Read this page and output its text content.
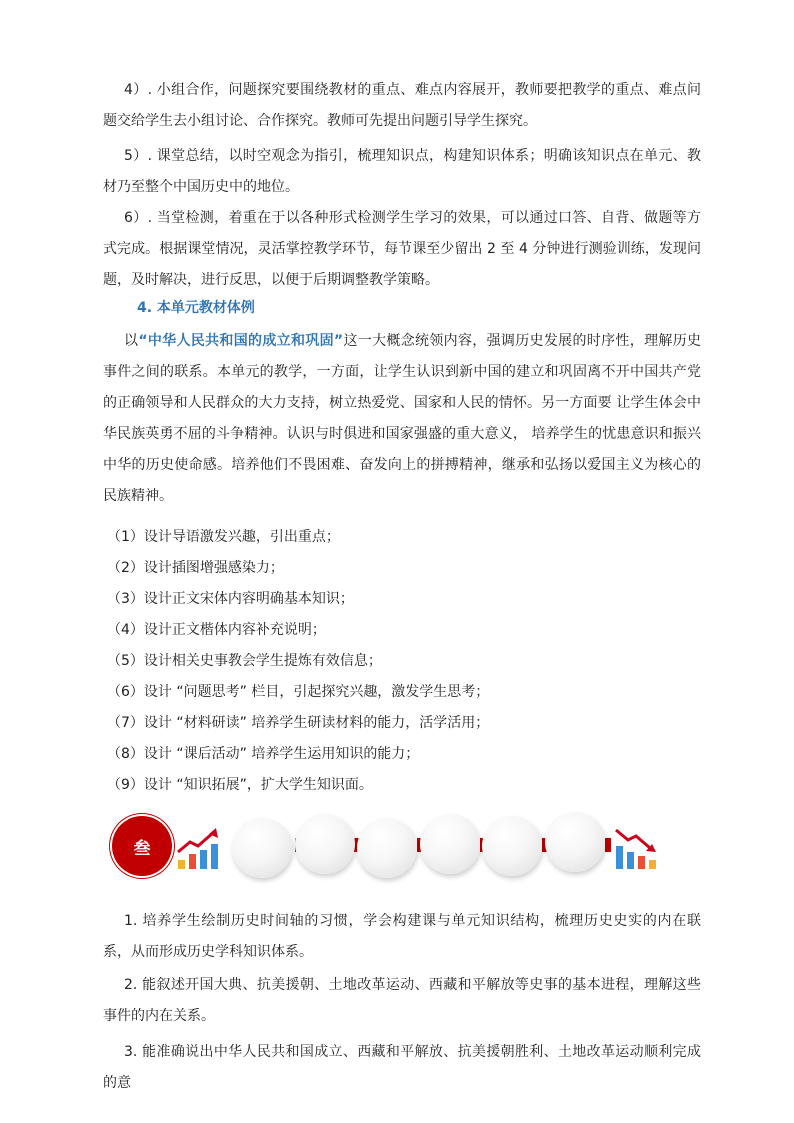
4）. 小组合作，问题探究要围绕教材的重点、难点内容展开，教师要把教学的重点、难点问题交给学生去小组讨论、合作探究。教师可先提出问题引导学生探究。

5）. 课堂总结，以时空观念为指引，梳理知识点，构建知识体系；明确该知识点在单元、教材乃至整个中国历史中的地位。

6）. 当堂检测，着重在于以各种形式检测学生学习的效果，可以通过口答、自背、做题等方式完成。根据课堂情况，灵活掌控教学环节，每节课至少留出 2 至 4 分钟进行测验训练，发现问题，及时解决，进行反思，以便于后期调整教学策略。

4. 本单元教材体例

以“中华人民共和国的成立和巩固”这一大概念统领内容，强调历史发展的时序性，理解历史事件之间的联系。本单元的教学，一方面，让学生认识到新中国的建立和巩固离不开中国共产党的正确领导和人民群众的大力支持，树立热爱党、国家和人民的情怀。另一方面要 让学生体会中华民族英勇不屈的斗争精神。认识与时俱进和国家强盛的重大意义， 培养学生的忧患意识和振兴中华的历史使命感。培养他们不畏困难、奋发向上的拼搏精神，继承和弘扬以爱国主义为核心的民族精神。

（1）设计导语激发兴趣，引出重点；
（2）设计插图增强感染力；
（3）设计正文宋体内容明确基本知识；
（4）设计正文楷体内容补充说明；
（5）设计相关史事教会学生提炼有效信息；
（6）设计 “问题思考” 栏目，引起探究兴趣，激发学生思考；
（7）设计 “材料研读” 培养学生研读材料的能力，活学活用；
（8）设计 “课后活动” 培养学生运用知识的能力；
（9）设计 “知识拓展”，扩大学生知识面。
叁

1. 培养学生绘制历史时间轴的习惯，学会构建课与单元知识结构，梳理历史史实的内在联系，从而形成历史学科知识体系。

2. 能叙述开国大典、抗美援朝、土地改革运动、西藏和平解放等史事的基本进程，理解这些事件的内在关系。

3. 能准确说出中华人民共和国成立、西藏和平解放、抗美援朝胜利、土地改革运动顺利完成的意
